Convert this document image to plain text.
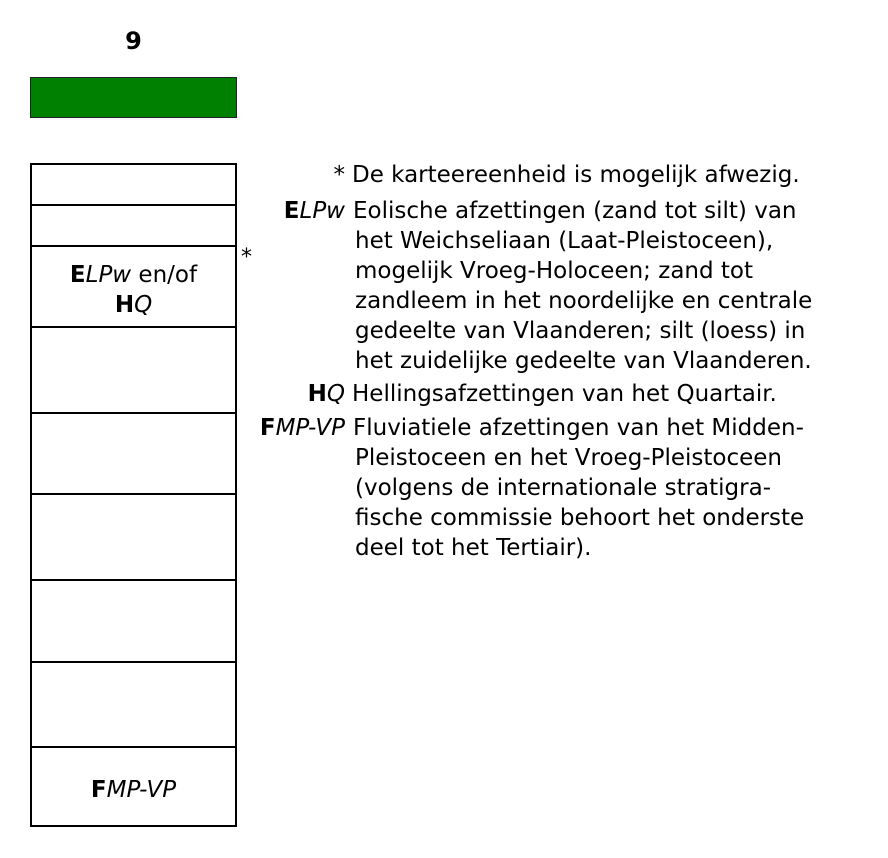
9
ELPw en/of
HQ
FMP-VP
*
* De karteereenheid is mogelijk afwezig.
ELPw Eolische afzettingen (zand tot silt) van
het Weichseliaan (Laat-Pleistoceen),
mogelijk Vroeg-Holoceen; zand tot
zandleem in het noordelijke en centrale
gedeelte van Vlaanderen; silt (loess) in
het zuidelijke gedeelte van Vlaanderen.
HQ Hellingsafzettingen van het Quartair.
FMP-VP Fluviatiele afzettingen van het Midden-
Pleistoceen en het Vroeg-Pleistoceen
(volgens de internationale stratigra-
fische commissie behoort het onderste
deel tot het Tertiair).
